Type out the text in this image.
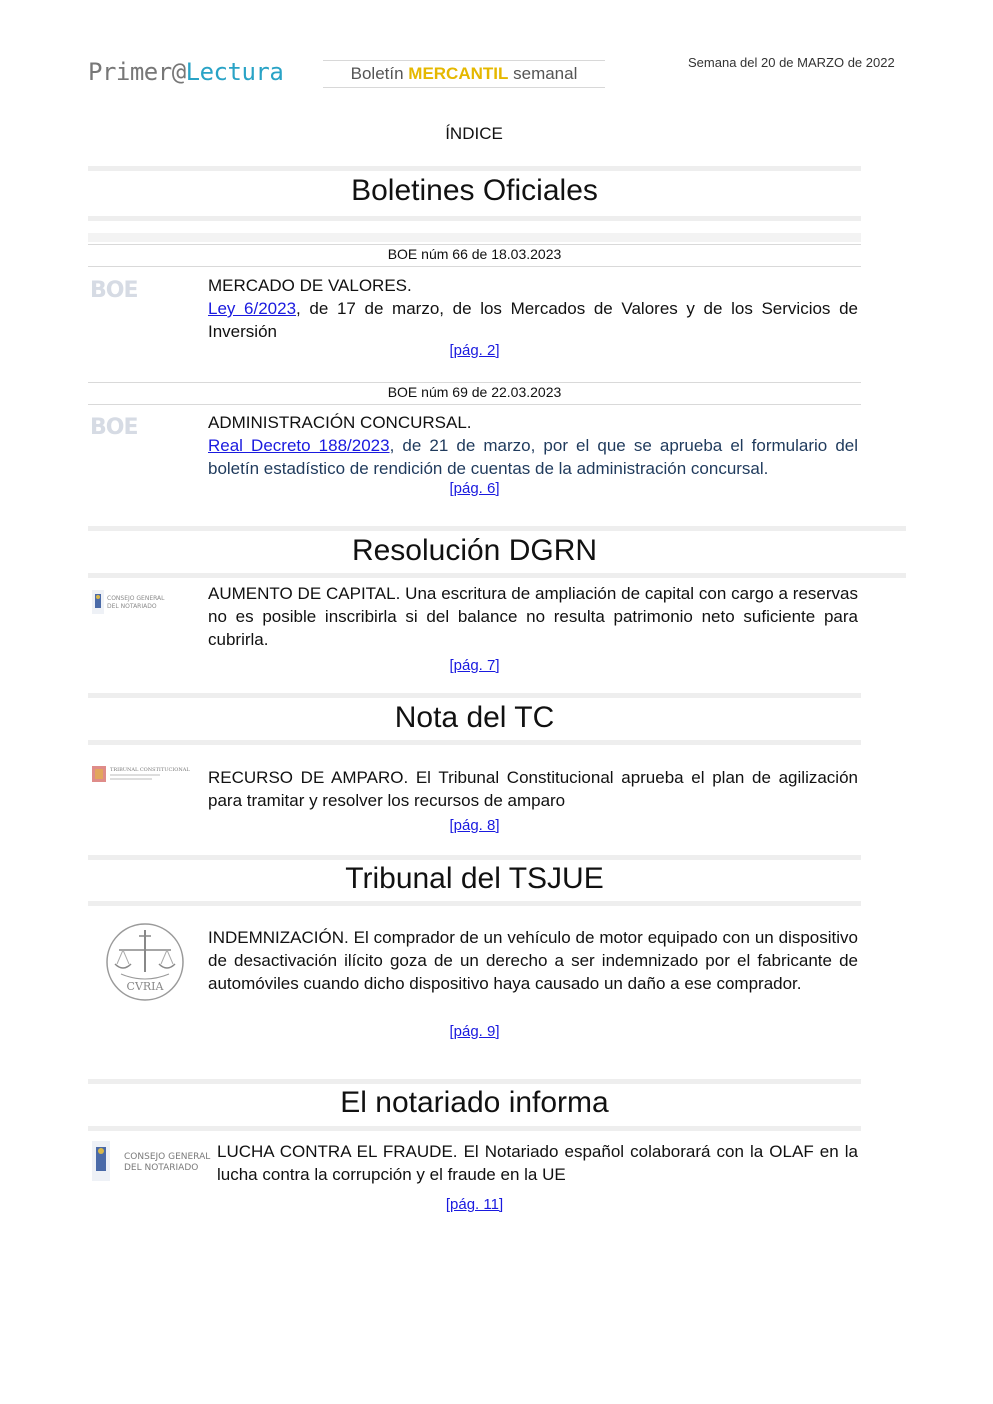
Primer@Lectura	Boletín MERCANTIL semanal
Semana del 20 de MARZO de 2022
ÍNDICE
Boletines Oficiales
BOE núm 66 de 18.03.2023
BOE	MERCADO DE VALORES.
Ley 6/2023, de 17 de marzo, de los Mercados de Valores y de los Servicios de Inversión
[pág. 2]
BOE núm 69 de 22.03.2023
BOE	ADMINISTRACIÓN CONCURSAL.
Real Decreto 188/2023, de 21 de marzo, por el que se aprueba el formulario del boletín estadístico de rendición de cuentas de la administración concursal.
[pág. 6]
Resolución DGRN
CONSEJO GENERAL
DEL NOTARIADO
AUMENTO DE CAPITAL. Una escritura de ampliación de capital con cargo a reservas no es posible inscribirla si del balance no resulta patrimonio neto suficiente para cubrirla.
[pág. 7]
Nota del TC
TRIBUNAL CONSTITUCIONAL RECURSO DE AMPARO. El Tribunal Constitucional aprueba el plan de agilización para tramitar y resolver los recursos de amparo
[pág. 8]
Tribunal del TSJUE
CVRIA
INDEMNIZACIÓN. El comprador de un vehículo de motor equipado con un dispositivo de desactivación ilícito goza de un derecho a ser indemnizado por el fabricante de automóviles cuando dicho dispositivo haya causado un daño a ese comprador.
[pág. 9]
El notariado informa
CONSEJO GENERAL
DEL NOTARIADO
LUCHA CONTRA EL FRAUDE. El Notariado español colaborará con la OLAF en la lucha contra la corrupción y el fraude en la UE
[pág. 11]
